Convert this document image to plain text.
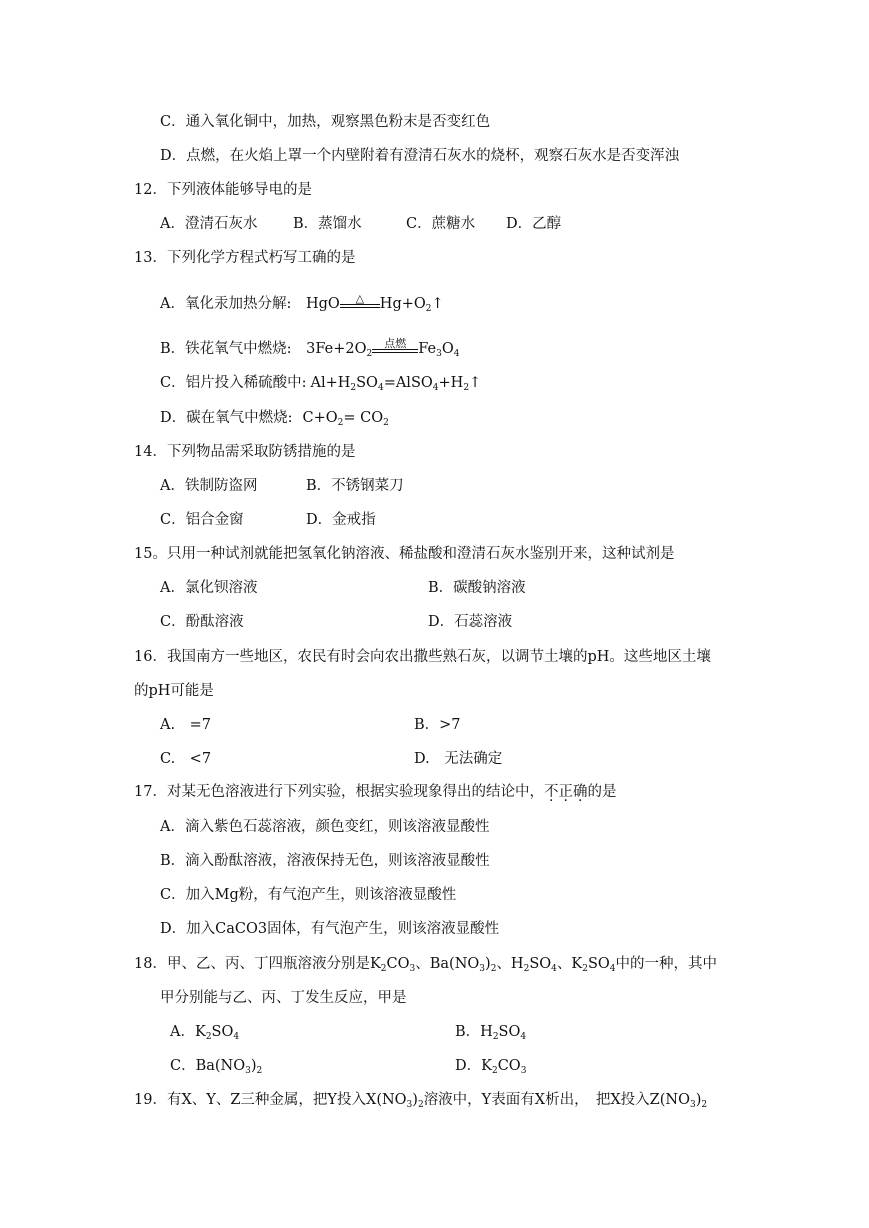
C．通入氧化铜中，加热，观察黑色粉末是否变红色
D．点燃，在火焰上罩一个内壁附着有澄清石灰水的烧杯，观察石灰水是否变浑浊
12．下列液体能够导电的是
A．澄清石灰水 B．蒸馏水	C．蔗糖水 D．乙醇
13．下列化学方程式朽写工确的是
A．氧化汞加热分解: HgO	△	$Hg+O_2↑$
B．铁花氧气中燃烧: $3Fe+2O_2$
点燃 $Fe_3O_4$
C．铝片投入稀硫酸中: $Al+H_2SO_4=AlSO_4+H_2↑$
D．碳在氧气中燃烧: $C+O_2= CO_2$
14．下列物品需采取防锈措施的是
A．铁制防盗网	B．不锈钢菜刀
C．铝合金窗	D．金戒指
15。只用一种试剂就能把氢氧化钠溶液、稀盐酸和澄清石灰水鉴别开来，这种试剂是
A．氯化钡溶液	B．碳酸钠溶液
C．酚酞溶液	D．石蕊溶液
16．我国南方一些地区，农民有时会向农出撒些熟石灰，以调节土壤的pH。这些地区土壤
的pH可能是
A.　=7	B．>7
C.　<7	D.　无法确定
17．对某无色溶液进行下列实验，根据实验现象得出的结论中，不正确的是
A．滴入紫色石蕊溶液，颜色变红，则该溶液显酸性
B．滴入酚酞溶液，溶液保持无色，则该溶液显酸性
C．加入Mg粉，有气泡产生，则该溶液显酸性
D．加入CaCO3固体，有气泡产生，则该溶液显酸性
18．甲、乙、丙、丁四瓶溶液分别是$K_2CO_3$、$Ba(NO_3)_2$、$H_2SO_4$、$K_2SO_4$中的一种，其中
甲分别能与乙、丙、丁发生反应，甲是
A．$K_2SO_4$	B．$H_2SO_4$
C．$Ba(NO_3)_2$	D．$K_2CO_3$
19．有X、Y、Z三种金属，把Y投入$X(NO_3)_2$溶液中，Y表面有X析出，　把X投入$Z(NO_3)_2$
